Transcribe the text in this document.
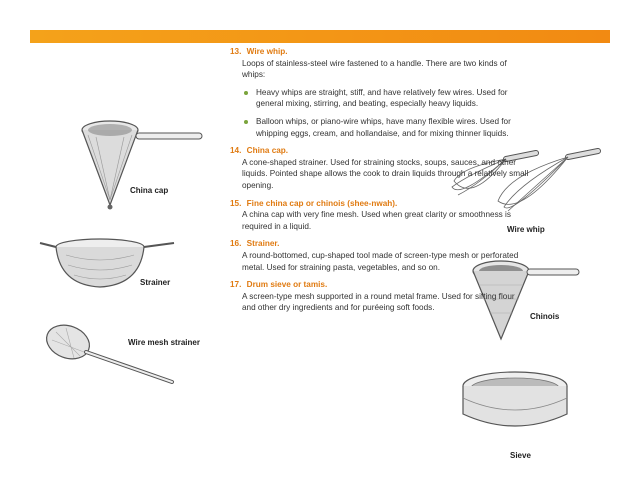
China cap
Strainer
Wire mesh strainer
Wire whip
Chinois
Sieve
13. Wire whip.
Loops of stainless-steel wire fastened to a handle. There are two kinds of whips:
Heavy whips are straight, stiff, and have relatively few wires. Used for general mixing, stirring, and beating, especially heavy liquids.
Balloon whips, or piano-wire whips, have many flexible wires. Used for whipping eggs, cream, and hollandaise, and for mixing thinner liquids.
14. China cap.
A cone-shaped strainer. Used for straining stocks, soups, sauces, and other liquids. Pointed shape allows the cook to drain liquids through a relatively small opening.
15. Fine china cap or chinois (shee-nwah).
A china cap with very fine mesh. Used when great clarity or smoothness is required in a liquid.
16. Strainer.
A round-bottomed, cup-shaped tool made of screen-type mesh or perforated metal. Used for straining pasta, vegetables, and so on.
17. Drum sieve or tamis.
A screen-type mesh supported in a round metal frame. Used for sifting flour and other dry ingredients and for puréeing soft foods.
